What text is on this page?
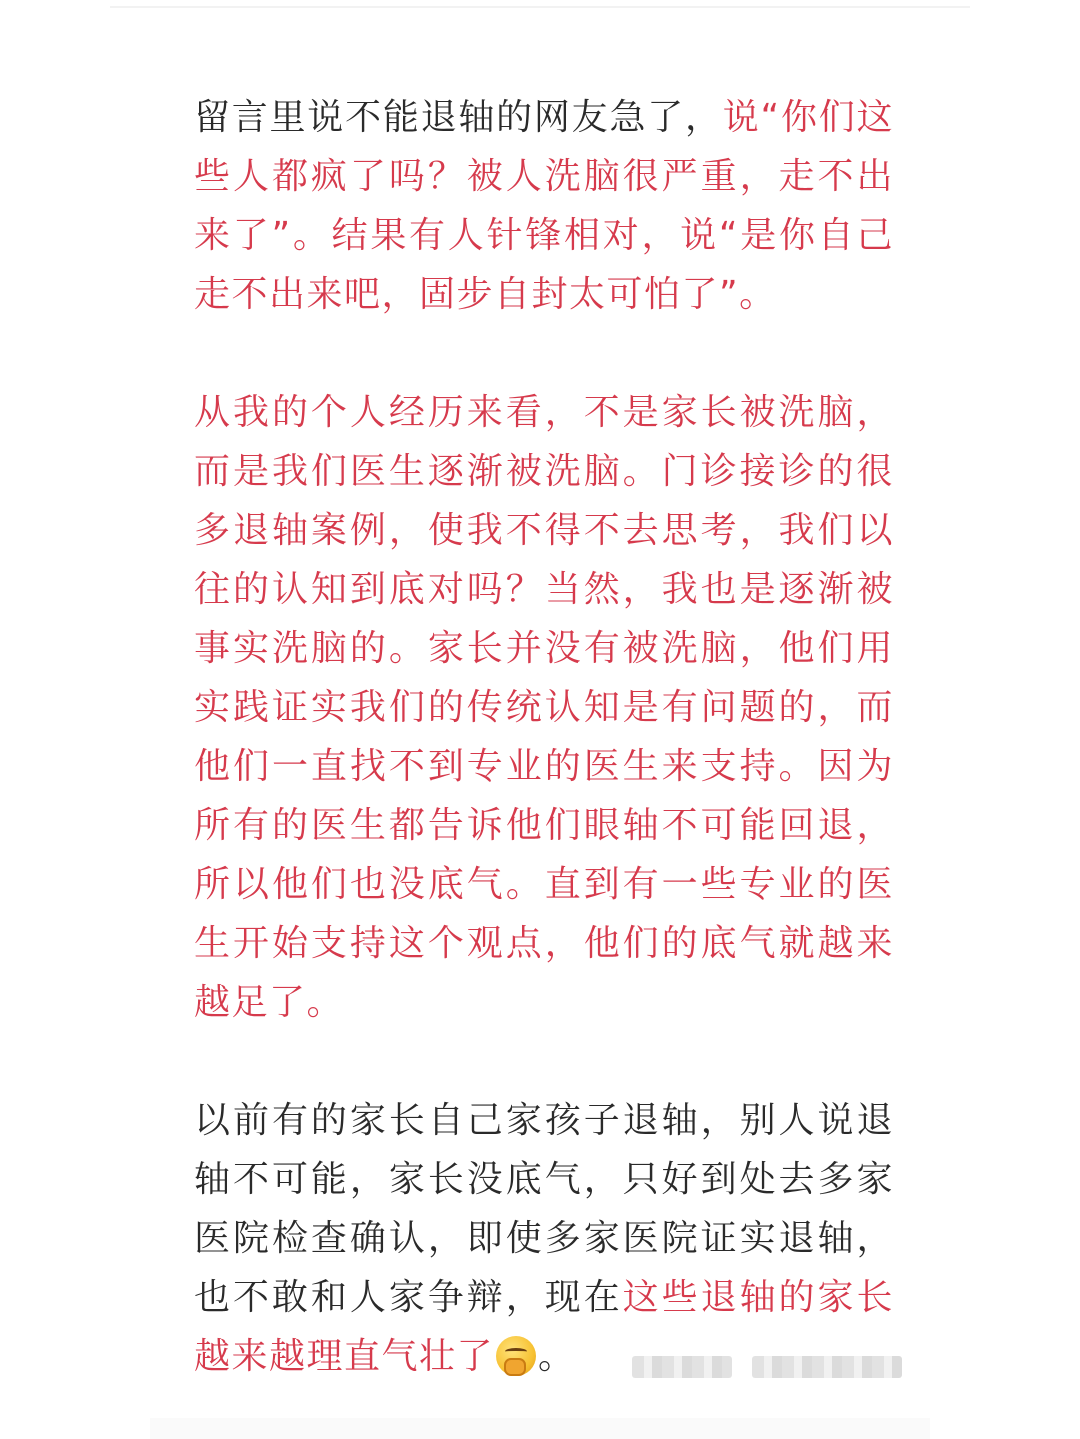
留言里说不能退轴的网友急了，说“你们这些人都疯了吗？被人洗脑很严重，走不出来了”。结果有人针锋相对，说“是你自己走不出来吧，固步自封太可怕了”。

从我的个人经历来看，不是家长被洗脑，而是我们医生逐渐被洗脑。门诊接诊的很多退轴案例，使我不得不去思考，我们以往的认知到底对吗？当然，我也是逐渐被事实洗脑的。家长并没有被洗脑，他们用实践证实我们的传统认知是有问题的，而他们一直找不到专业的医生来支持。因为所有的医生都告诉他们眼轴不可能回退，所以他们也没底气。直到有一些专业的医生开始支持这个观点，他们的底气就越来越足了。

以前有的家长自己家孩子退轴，别人说退轴不可能，家长没底气，只好到处去多家医院检查确认，即使多家医院证实退轴，也不敢和人家争辩，现在这些退轴的家长越来越理直气壮了 。
